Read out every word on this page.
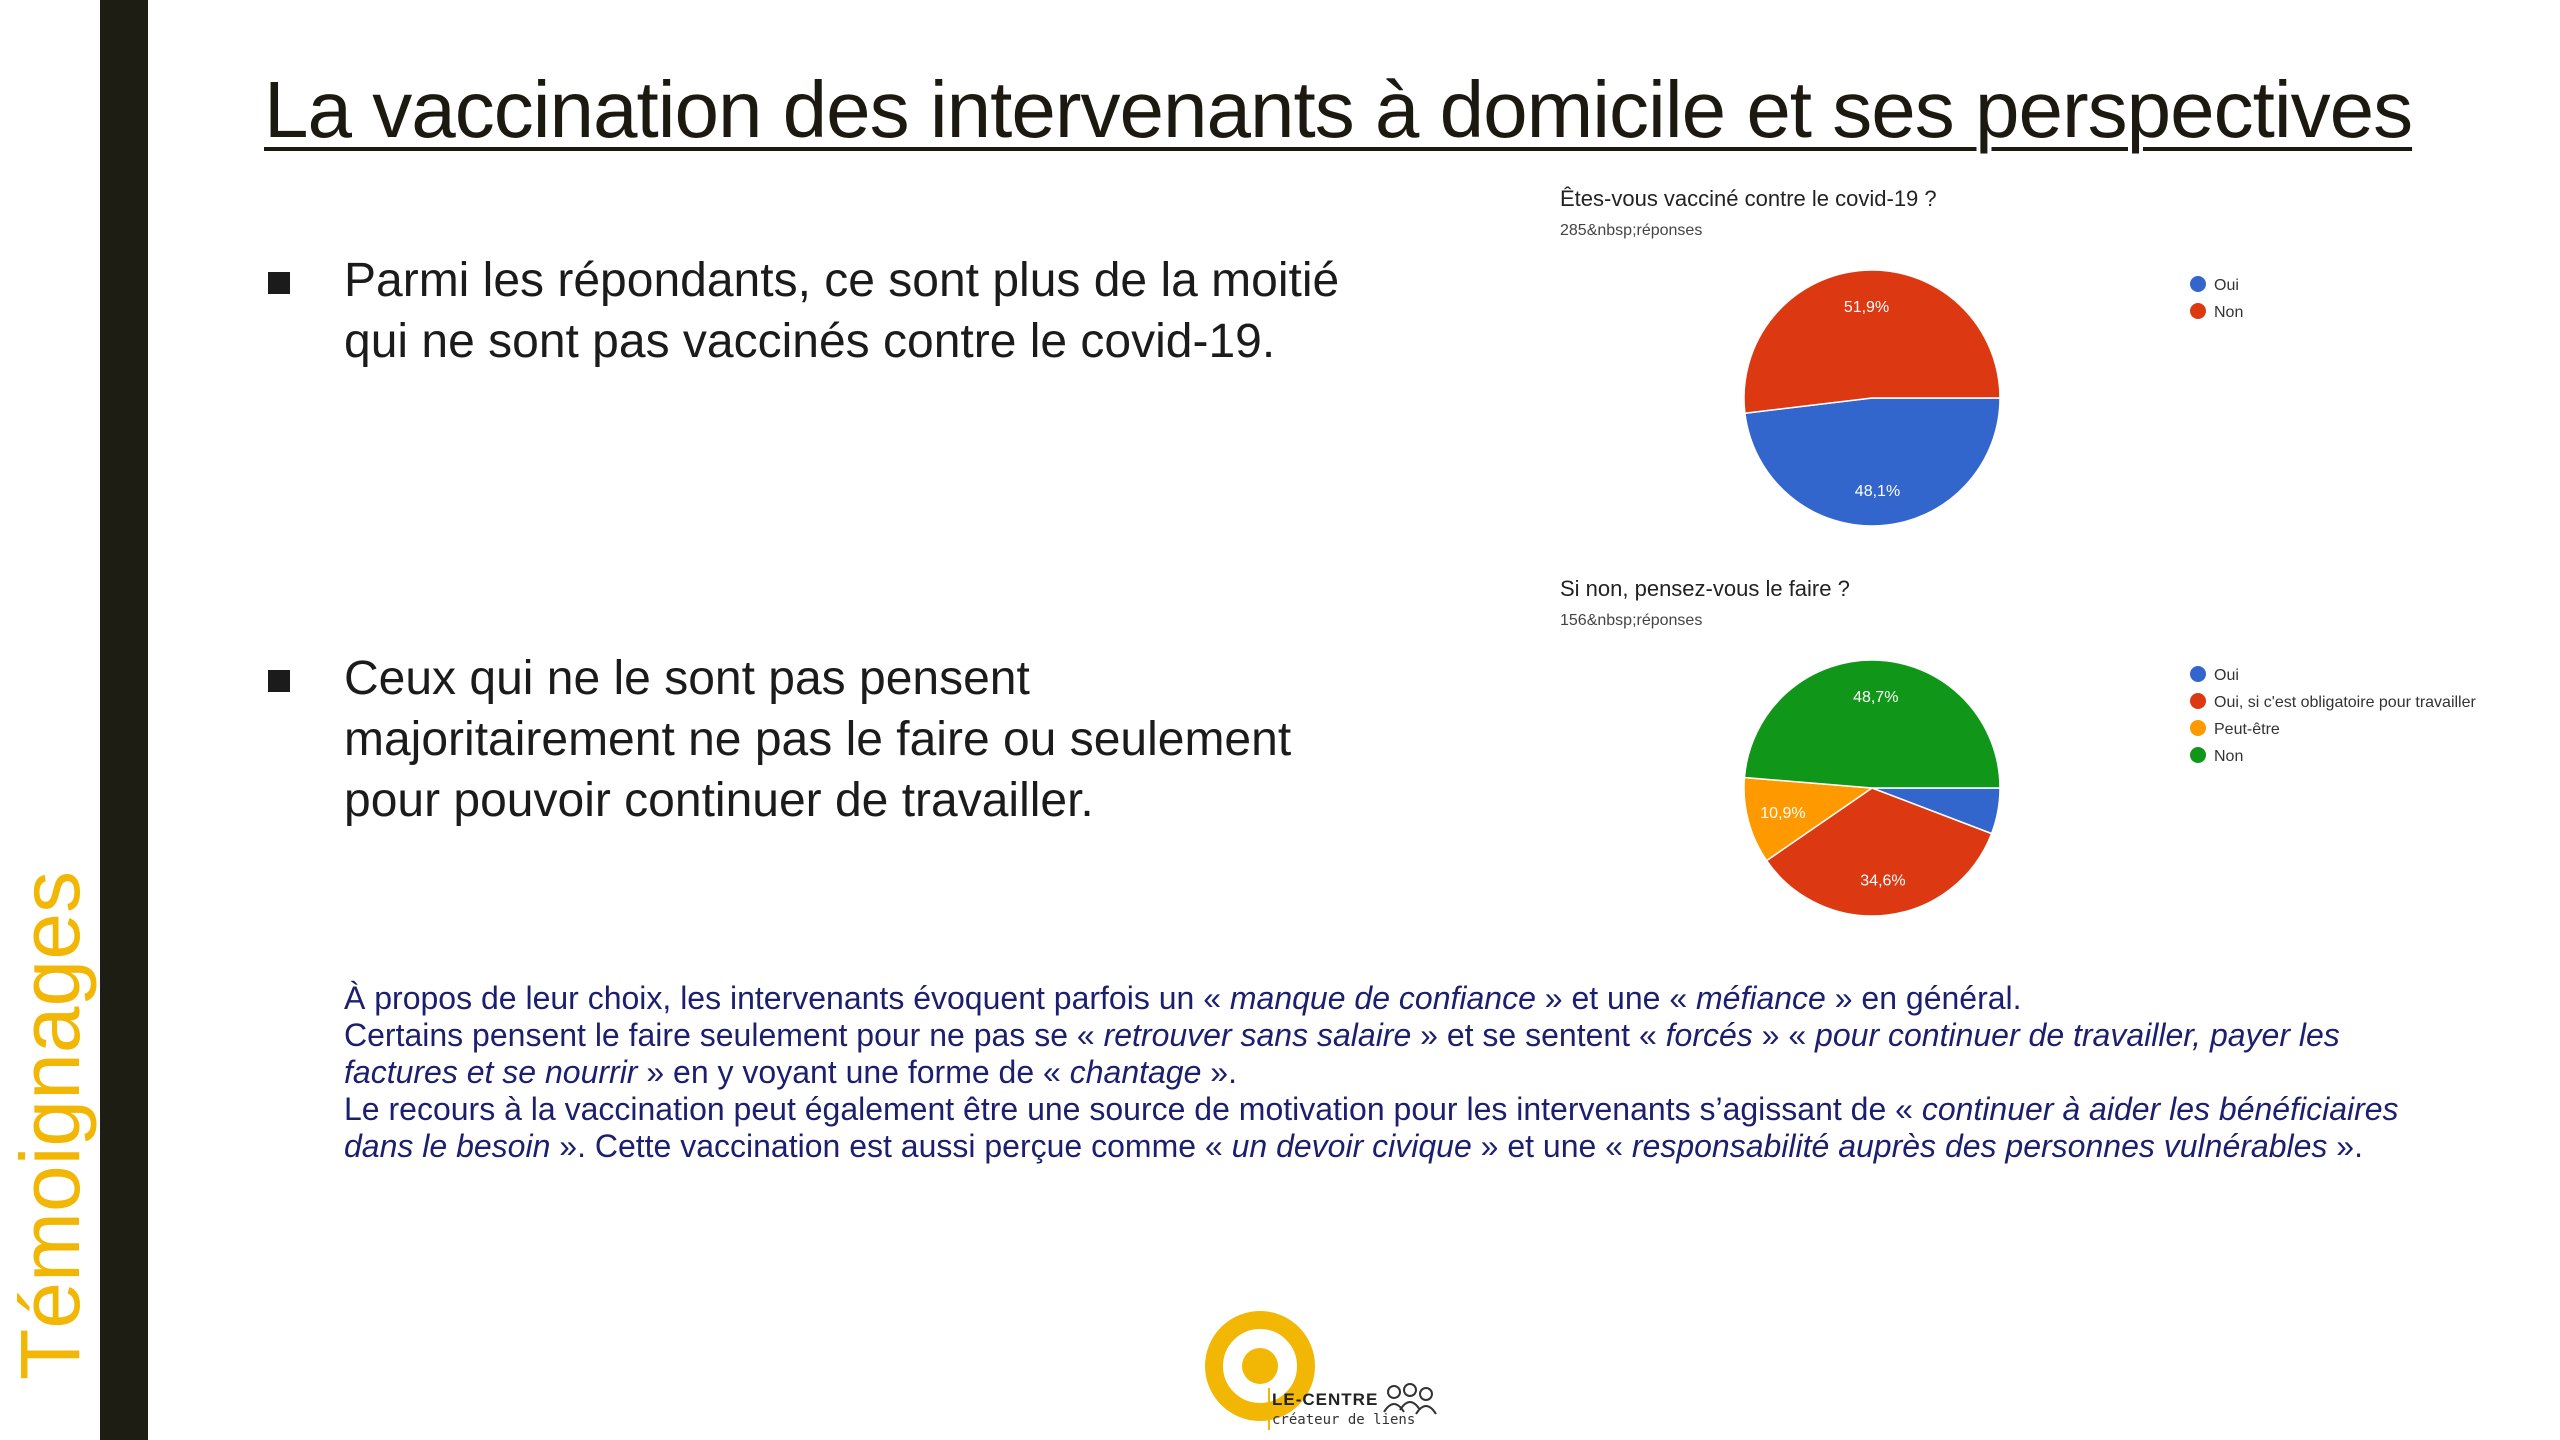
Témoignages
La vaccination des intervenants à domicile et ses perspectives
Parmi les répondants, ce sont plus de la moitié qui ne sont pas vaccinés contre le covid-19.
Ceux qui ne le sont pas pensent majoritairement ne pas le faire ou seulement pour pouvoir continuer de travailler.
48,1%
51,9%
Oui
Non
Êtes-vous vacciné contre le covid-19 ?
285&nbsp;réponses
34,6%
10,9%
48,7%
Oui
Oui, si c'est obligatoire pour travailler
Peut-être
Non
Si non, pensez-vous le faire ?
156&nbsp;réponses

À propos de leur choix, les intervenants évoquent parfois un « manque de confiance » et une « méfiance » en général.

Certains pensent le faire seulement pour ne pas se « retrouver sans salaire » et se sentent « forcés » « pour continuer de travailler, payer les factures et se nourrir » en y voyant une forme de « chantage ».

Le recours à la vaccination peut également être une source de motivation pour les intervenants s’agissant de « continuer à aider les bénéficiaires dans le besoin ». Cette vaccination est aussi perçue comme « un devoir civique » et une « responsabilité auprès des personnes vulnérables ».

LE-CENTRE
créateur de liens
